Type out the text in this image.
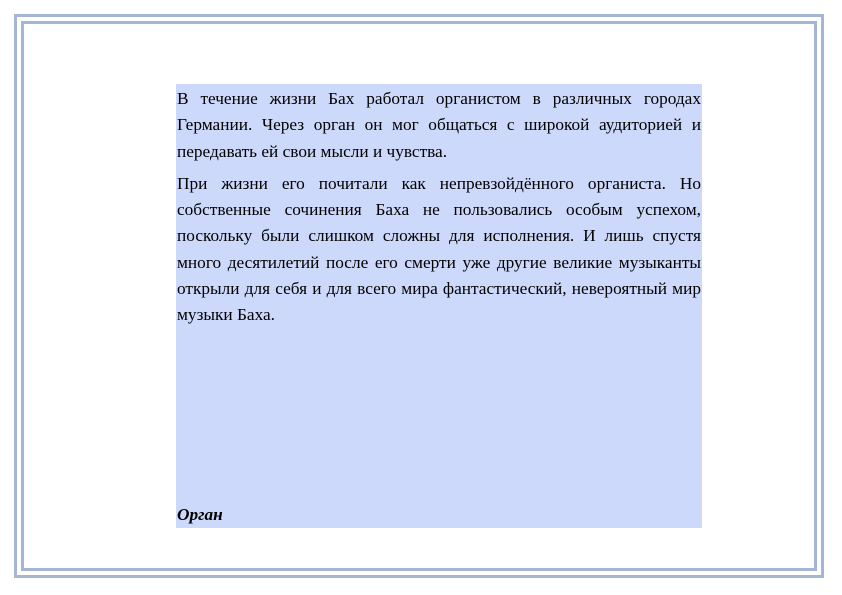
В течение жизни Бах работал органистом в различных городах Германии. Через орган он мог общаться с широкой аудиторией и передавать ей свои мысли и чувства.

При жизни его почитали как непревзойдённого органиста. Но собственные сочинения Баха не пользовались особым успехом, поскольку были слишком сложны для исполнения. И лишь спустя много десятилетий после его смерти уже другие великие музыканты открыли для себя и для всего мира фантастический, невероятный мир музыки Баха.

Орган
